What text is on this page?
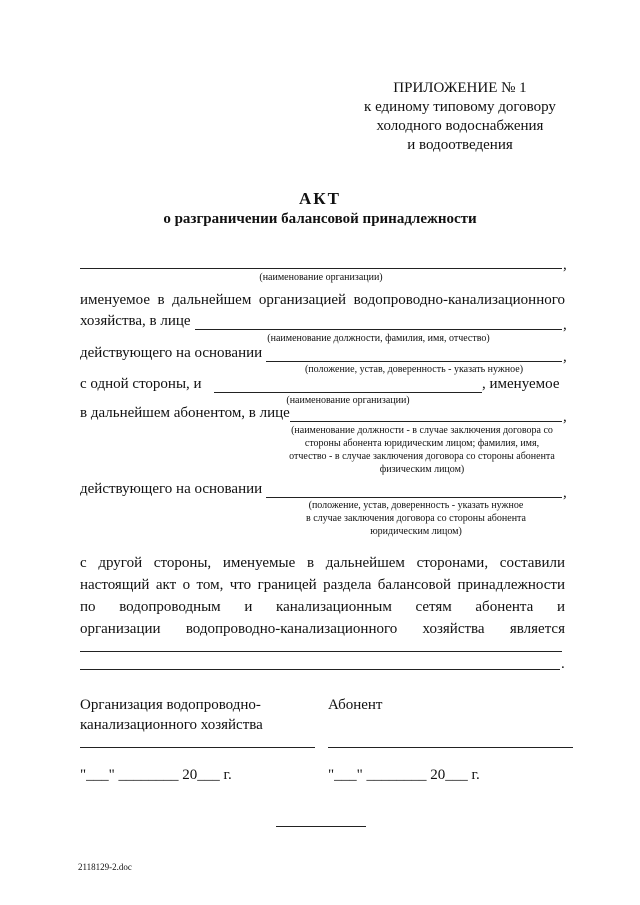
ПРИЛОЖЕНИЕ № 1
к единому типовому договору
холодного водоснабжения
и водоотведения
АКТ
о разграничении балансовой принадлежности
,
(наименование организации)
именуемое в дальнейшем организацией водопроводно-канализационного
хозяйства, в лице	,
(наименование должности, фамилия, имя, отчество)
действующего на основании	,
(положение, устав, доверенность - указать нужное)
с одной стороны, и	, именуемое
(наименование организации)
в дальнейшем абонентом, в лице	,
(наименование должности - в случае заключения договора со
стороны абонента юридическим лицом; фамилия, имя,
отчество - в случае заключения договора со стороны абонента
физическим лицом)
действующего на основании	,
(положение, устав, доверенность - указать нужное
в случае заключения договора со стороны абонента
юридическим лицом)
с другой стороны, именуемые в дальнейшем сторонами, составили
настоящий акт о том, что границей раздела балансовой принадлежности
по водопроводным и канализационным сетям абонента и
организации водопроводно-канализационного хозяйства является
.
Организация водопроводно-
канализационного хозяйства
Абонент
"___" ________ 20___ г.	"___" ________ 20___ г.
2118129-2.doc
